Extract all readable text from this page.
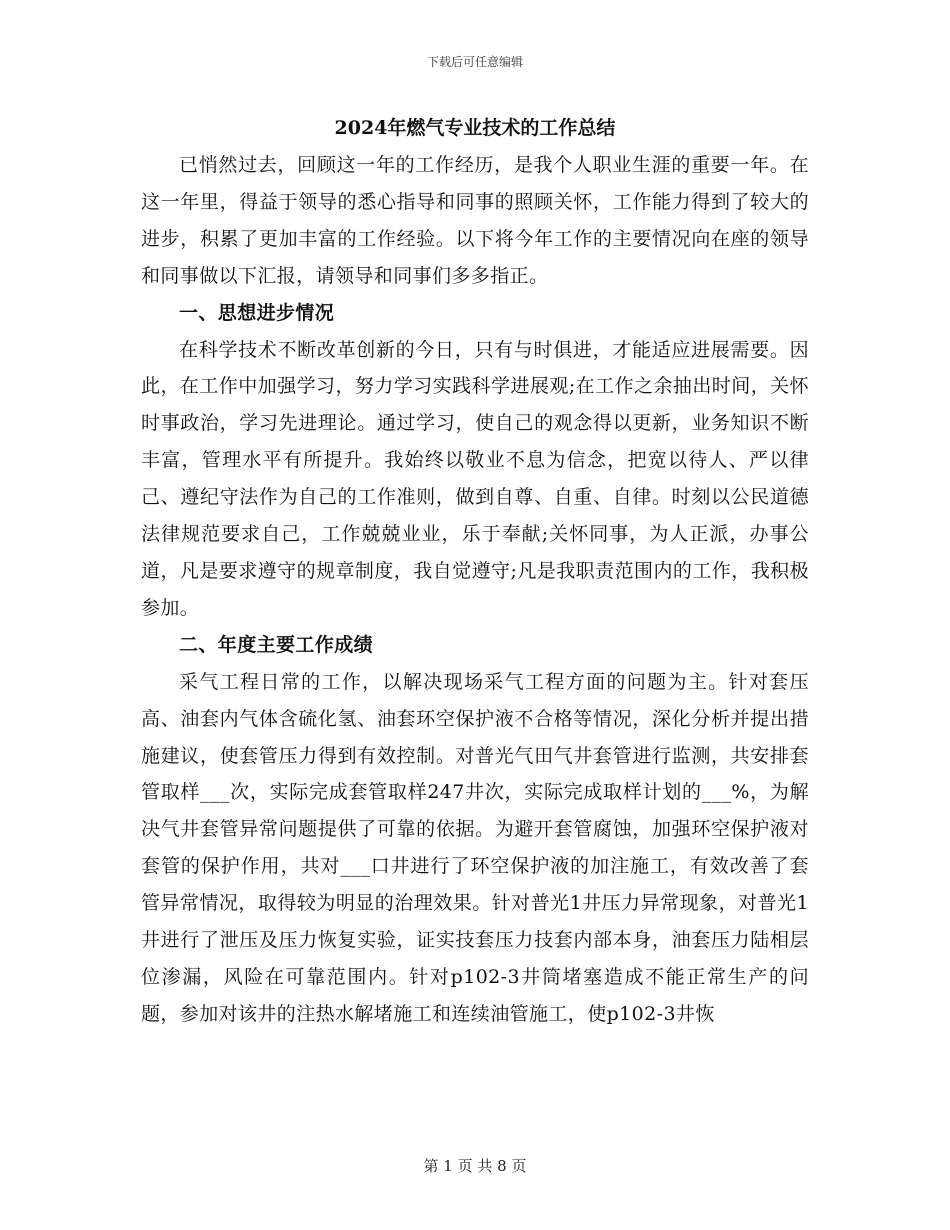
下载后可任意编辑
2024年燃气专业技术的工作总结

已悄然过去，回顾这一年的工作经历，是我个人职业生涯的重要一年。在这一年里，得益于领导的悉心指导和同事的照顾关怀，工作能力得到了较大的进步，积累了更加丰富的工作经验。以下将今年工作的主要情况向在座的领导和同事做以下汇报，请领导和同事们多多指正。

一、思想进步情况

在科学技术不断改革创新的今日，只有与时俱进，才能适应进展需要。因此，在工作中加强学习，努力学习实践科学进展观;在工作之余抽出时间，关怀时事政治，学习先进理论。通过学习，使自己的观念得以更新，业务知识不断丰富，管理水平有所提升。我始终以敬业不息为信念，把宽以待人、严以律己、遵纪守法作为自己的工作准则，做到自尊、自重、自律。时刻以公民道德法律规范要求自己，工作兢兢业业，乐于奉献;关怀同事，为人正派，办事公道，凡是要求遵守的规章制度，我自觉遵守;凡是我职责范围内的工作，我积极参加。

二、年度主要工作成绩

采气工程日常的工作，以解决现场采气工程方面的问题为主。针对套压高、油套内气体含硫化氢、油套环空保护液不合格等情况，深化分析并提出措施建议，使套管压力得到有效控制。对普光气田气井套管进行监测，共安排套管取样___次，实际完成套管取样247井次，实际完成取样计划的___%，为解决气井套管异常问题提供了可靠的依据。为避开套管腐蚀，加强环空保护液对套管的保护作用，共对___口井进行了环空保护液的加注施工，有效改善了套管异常情况，取得较为明显的治理效果。针对普光1井压力异常现象，对普光1井进行了泄压及压力恢复实验，证实技套压力技套内部本身，油套压力陆相层位渗漏，风险在可靠范围内。针对p102-3井筒堵塞造成不能正常生产的问题，参加对该井的注热水解堵施工和连续油管施工，使p102-3井恢

第 1 页 共 8 页
